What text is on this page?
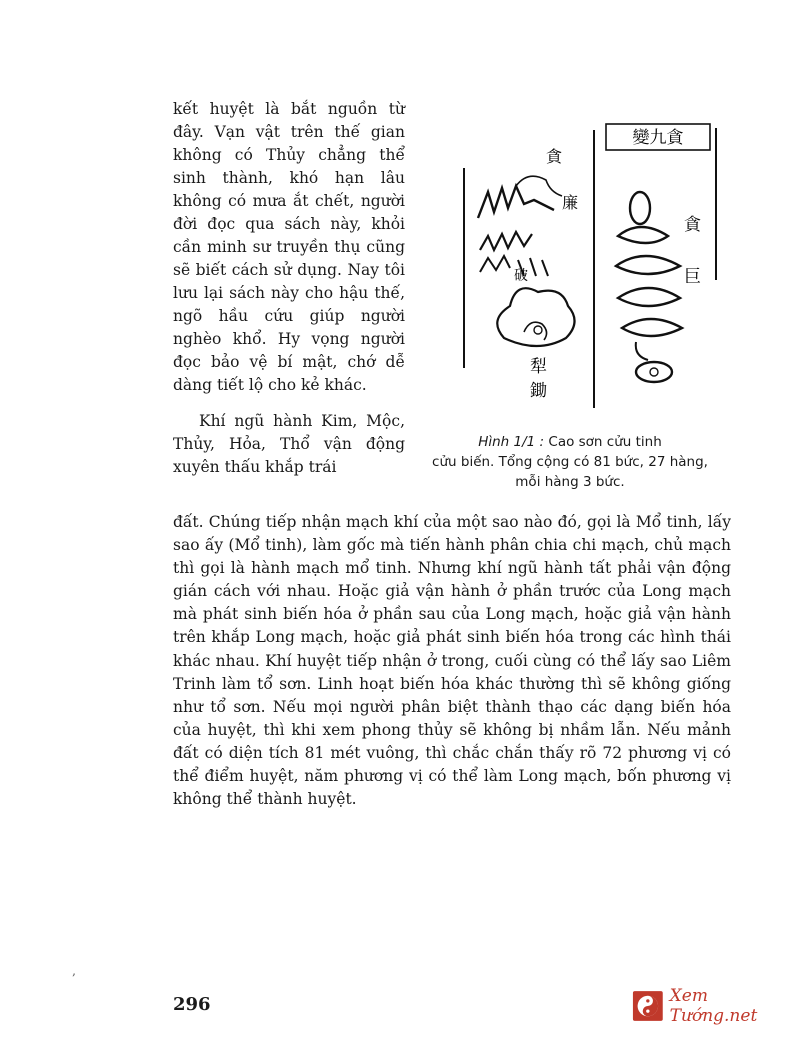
kết huyệt là bắt nguồn từ đây. Vạn vật trên thế gian không có Thủy chẳng thể sinh thành, khó hạn lâu không có mưa ắt chết, người đời đọc qua sách này, khỏi cần minh sư truyền thụ cũng sẽ biết cách sử dụng. Nay tôi lưu lại sách này cho hậu thế, ngõ hầu cứu giúp người nghèo khổ. Hy vọng người đọc bảo vệ bí mật, chớ dễ dàng tiết lộ cho kẻ khác.

Khí ngũ hành Kim, Mộc, Thủy, Hỏa, Thổ vận động xuyên thấu khắp trái

變九貪
貪
廉
破
犁
鋤
貪
巨
Hình 1/1 : Cao sơn cửu tinh
cửu biến. Tổng cộng có 81 bức, 27 hàng,
mỗi hàng 3 bức.

đất. Chúng tiếp nhận mạch khí của một sao nào đó, gọi là Mổ tinh, lấy sao ấy (Mổ tinh), làm gốc mà tiến hành phân chia chi mạch, chủ mạch thì gọi là hành mạch mổ tinh. Nhưng khí ngũ hành tất phải vận động gián cách với nhau. Hoặc giả vận hành ở phần trước của Long mạch mà phát sinh biến hóa ở phần sau của Long mạch, hoặc giả vận hành trên khắp Long mạch, hoặc giả phát sinh biến hóa trong các hình thái khác nhau. Khí huyệt tiếp nhận ở trong, cuối cùng có thể lấy sao Liêm Trinh làm tổ sơn. Linh hoạt biến hóa khác thường thì sẽ không giống như tổ sơn. Nếu mọi người phân biệt thành thạo các dạng biến hóa của huyệt, thì khi xem phong thủy sẽ không bị nhầm lẫn. Nếu mảnh đất có diện tích 81 mét vuông, thì chắc chắn thấy rõ 72 phương vị có thể điểm huyệt, năm phương vị có thể làm Long mạch, bốn phương vị không thể thành huyệt.

‚
296	Xem Tướng.net
